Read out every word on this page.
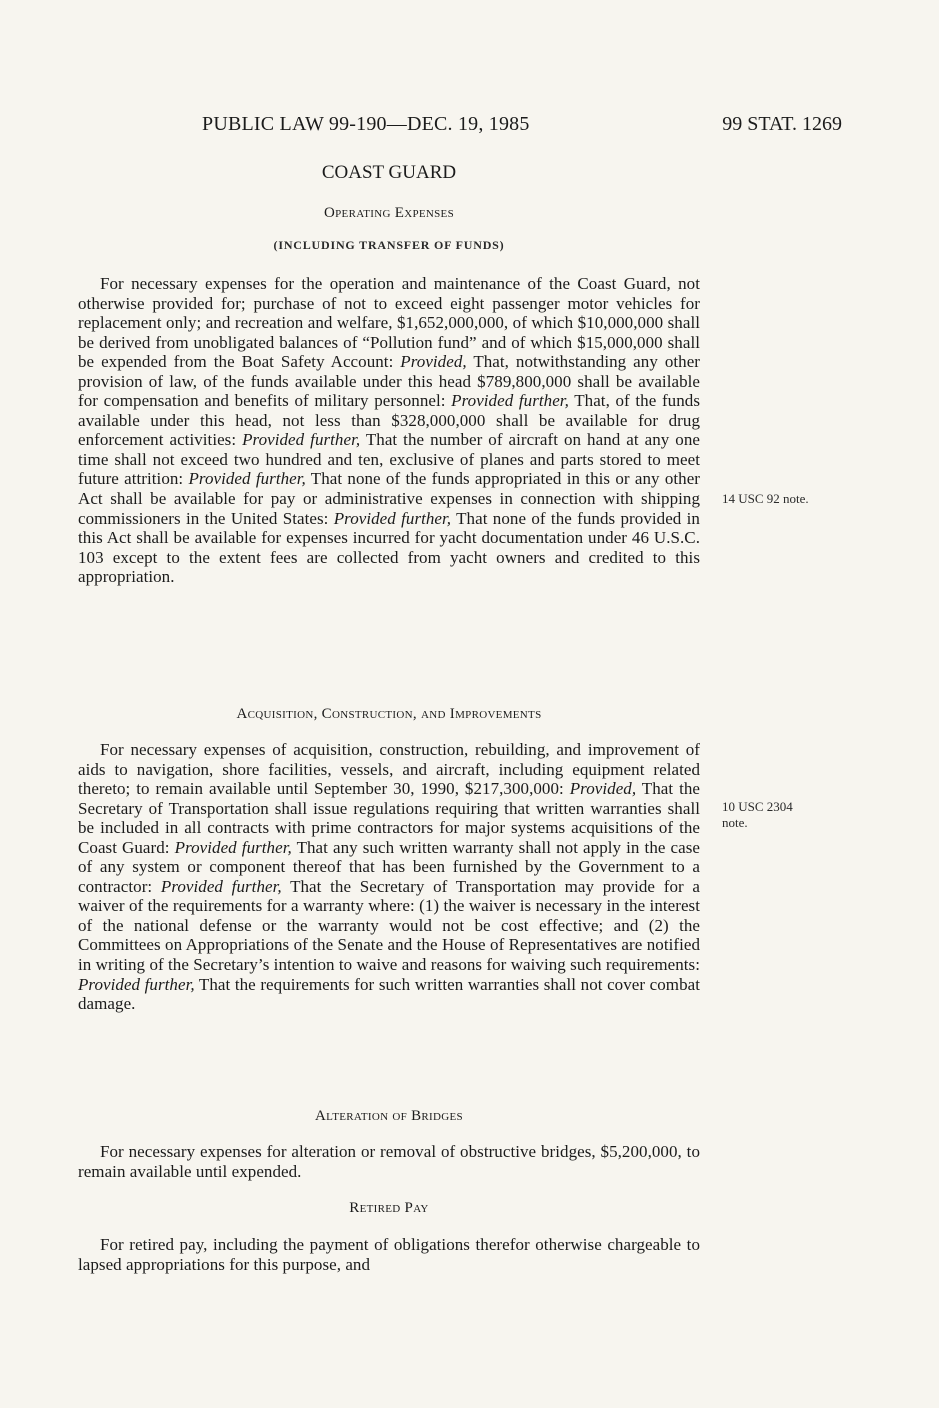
PUBLIC LAW 99-190—DEC. 19, 1985	99 STAT. 1269
COAST GUARD
Operating Expenses
(INCLUDING TRANSFER OF FUNDS)
For necessary expenses for the operation and maintenance of the Coast Guard, not otherwise provided for; purchase of not to exceed eight passenger motor vehicles for replacement only; and recreation and welfare, $1,652,000,000, of which $10,000,000 shall be derived from unobligated balances of “Pollution fund” and of which $15,000,000 shall be expended from the Boat Safety Account: Provided, That, notwithstanding any other provision of law, of the funds available under this head $789,800,000 shall be available for compensation and benefits of military personnel: Provided further, That, of the funds available under this head, not less than $328,000,000 shall be available for drug enforcement activities: Provided further, That the number of aircraft on hand at any one time shall not exceed two hundred and ten, exclusive of planes and parts stored to meet future attrition: Provided further, That none of the funds appropriated in this or any other Act shall be available for pay or administrative expenses in connection with shipping commissioners in the United States: Provided further, That none of the funds provided in this Act shall be available for expenses incurred for yacht documentation under 46 U.S.C. 103 except to the extent fees are collected from yacht owners and credited to this appropriation.
14 USC 92 note.
Acquisition, Construction, and Improvements
For necessary expenses of acquisition, construction, rebuilding, and improvement of aids to navigation, shore facilities, vessels, and aircraft, including equipment related thereto; to remain available until September 30, 1990, $217,300,000: Provided, That the Secretary of Transportation shall issue regulations requiring that written warranties shall be included in all contracts with prime contractors for major systems acquisitions of the Coast Guard: Provided further, That any such written warranty shall not apply in the case of any system or component thereof that has been furnished by the Government to a contractor: Provided further, That the Secretary of Transportation may provide for a waiver of the requirements for a warranty where: (1) the waiver is necessary in the interest of the national defense or the warranty would not be cost effective; and (2) the Committees on Appropriations of the Senate and the House of Representatives are notified in writing of the Secretary’s intention to waive and reasons for waiving such requirements: Provided further, That the requirements for such written warranties shall not cover combat damage.
10 USC 2304
note.
Alteration of Bridges
For necessary expenses for alteration or removal of obstructive bridges, $5,200,000, to remain available until expended.
Retired Pay
For retired pay, including the payment of obligations therefor otherwise chargeable to lapsed appropriations for this purpose, and
